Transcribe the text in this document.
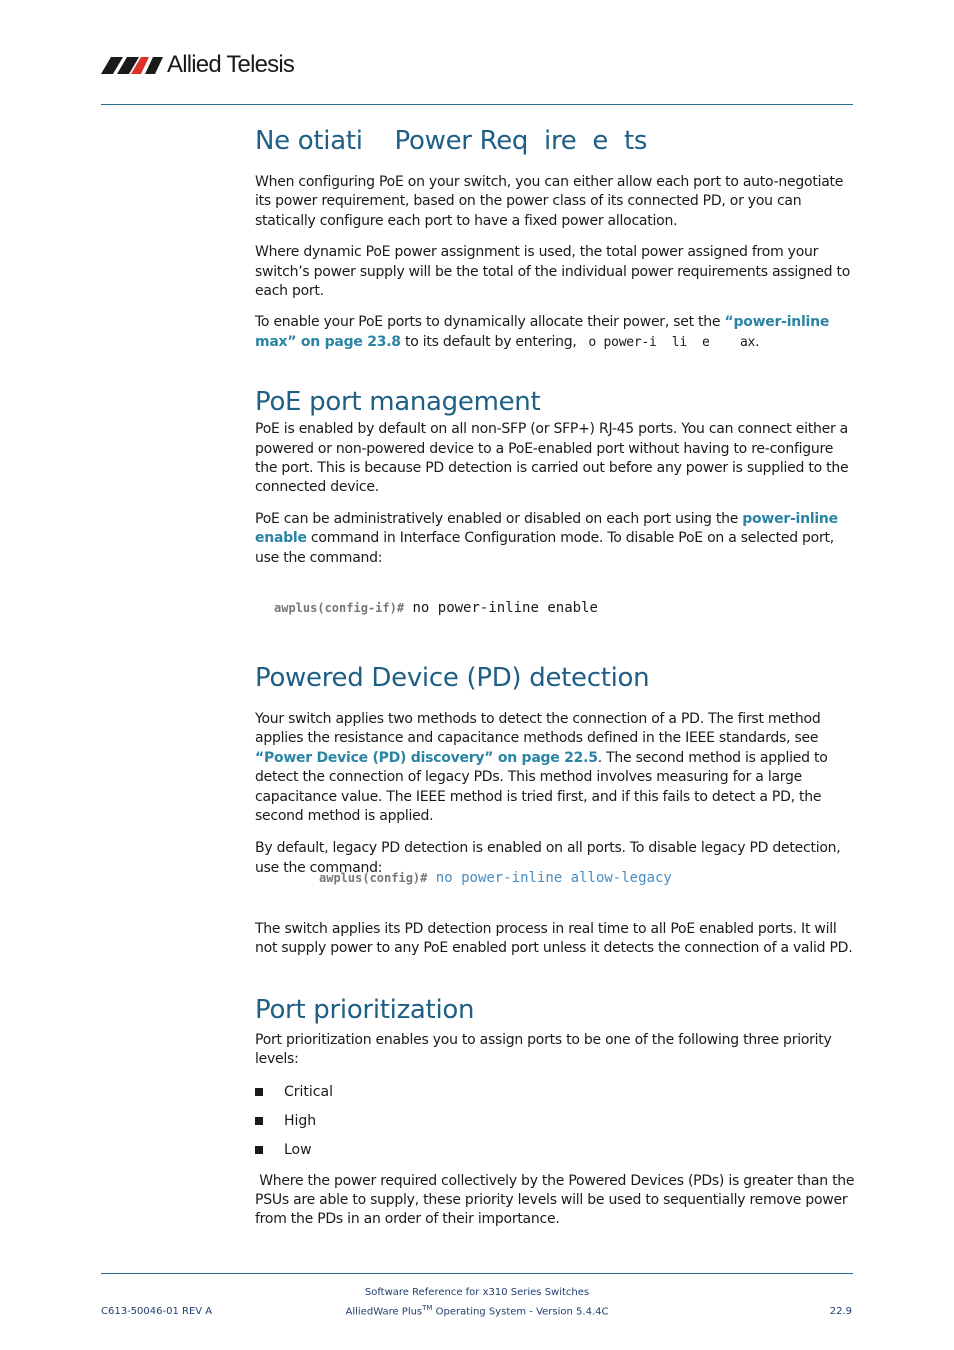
Allied Telesis
Ne otiati    Power Req  ire  e  ts

When configuring PoE on your switch, you can either allow each port to auto-negotiate its power requirement, based on the power class of its connected PD, or you can statically configure each port to have a fixed power allocation.

Where dynamic PoE power assignment is used, the total power assigned from your switch’s power supply will be the total of the individual power requirements assigned to each port.

To enable your PoE ports to dynamically allocate their power, set the “power-inline max” on page 23.8 to its default by entering,  o power-i  li  e    ax.

PoE port management

PoE is enabled by default on all non-SFP (or SFP+) RJ-45 ports. You can connect either a powered or non-powered device to a PoE-enabled port without having to re-configure the port. This is because PD detection is carried out before any power is supplied to the connected device.

PoE can be administratively enabled or disabled on each port using the power-inline enable command in Interface Configuration mode. To disable PoE on a selected port, use the command:

awplus(config-if)# no power-inline enable
Powered Device (PD) detection

Your switch applies two methods to detect the connection of a PD. The first method applies the resistance and capacitance methods defined in the IEEE standards, see “Power Device (PD) discovery” on page 22.5. The second method is applied to detect the connection of legacy PDs. This method involves measuring for a large capacitance value. The IEEE method is tried first, and if this fails to detect a PD, the second method is applied.

By default, legacy PD detection is enabled on all ports. To disable legacy PD detection, use the command:

awplus(config)# no power-inline allow-legacy

The switch applies its PD detection process in real time to all PoE enabled ports. It will not supply power to any PoE enabled port unless it detects the connection of a valid PD.

Port prioritization

Port prioritization enables you to assign ports to be one of the following three priority levels:

Critical
High
Low

Where the power required collectively by the Powered Devices (PDs) is greater than the PSUs are able to supply, these priority levels will be used to sequentially remove power from the PDs in an order of their importance.

Software Reference for x310 Series Switches
C613-50046-01 REV A	AlliedWare Plus™ Operating System - Version 5.4.4C	22.9
